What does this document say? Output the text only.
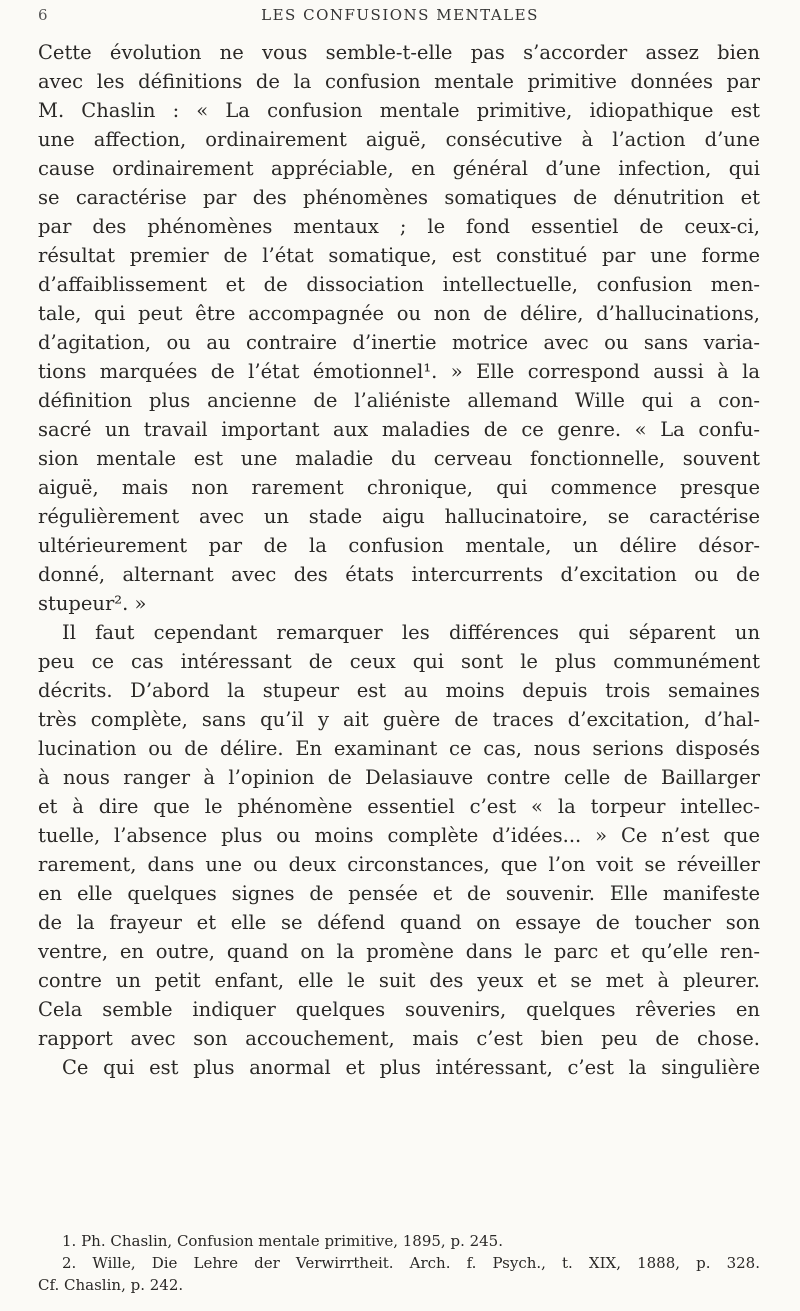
6	LES CONFUSIONS MENTALES
Cette évolution ne vous semble-t-elle pas s’accorder assez bien
avec les définitions de la confusion mentale primitive données par
M. Chaslin : « La confusion mentale primitive, idiopathique est
une affection, ordinairement aiguë, consécutive à l’action d’une
cause ordinairement appréciable, en général d’une infection, qui
se caractérise par des phénomènes somatiques de dénutrition et
par des phénomènes mentaux ; le fond essentiel de ceux-ci,
résultat premier de l’état somatique, est constitué par une forme
d’affaiblissement et de dissociation intellectuelle, confusion men-
tale, qui peut être accompagnée ou non de délire, d’hallucinations,
d’agitation, ou au contraire d’inertie motrice avec ou sans varia-
tions marquées de l’état émotionnel¹. » Elle correspond aussi à la
définition plus ancienne de l’aliéniste allemand Wille qui a con-
sacré un travail important aux maladies de ce genre. « La confu-
sion mentale est une maladie du cerveau fonctionnelle, souvent
aiguë, mais non rarement chronique, qui commence presque
régulièrement avec un stade aigu hallucinatoire, se caractérise
ultérieurement par de la confusion mentale, un délire désor-
donné, alternant avec des états intercurrents d’excitation ou de
stupeur². »
Il faut cependant remarquer les différences qui séparent un
peu ce cas intéressant de ceux qui sont le plus communément
décrits. D’abord la stupeur est au moins depuis trois semaines
très complète, sans qu’il y ait guère de traces d’excitation, d’hal-
lucination ou de délire. En examinant ce cas, nous serions disposés
à nous ranger à l’opinion de Delasiauve contre celle de Baillarger
et à dire que le phénomène essentiel c’est « la torpeur intellec-
tuelle, l’absence plus ou moins complète d’idées... » Ce n’est que
rarement, dans une ou deux circonstances, que l’on voit se réveiller
en elle quelques signes de pensée et de souvenir. Elle manifeste
de la frayeur et elle se défend quand on essaye de toucher son
ventre, en outre, quand on la promène dans le parc et qu’elle ren-
contre un petit enfant, elle le suit des yeux et se met à pleurer.
Cela semble indiquer quelques souvenirs, quelques rêveries en
rapport avec son accouchement, mais c’est bien peu de chose.
Ce qui est plus anormal et plus intéressant, c’est la singulière
1. Ph. Chaslin, Confusion mentale primitive, 1895, p. 245.
2. Wille, Die Lehre der Verwirrtheit. Arch. f. Psych., t. XIX, 1888, p. 328.
Cf. Chaslin, p. 242.
